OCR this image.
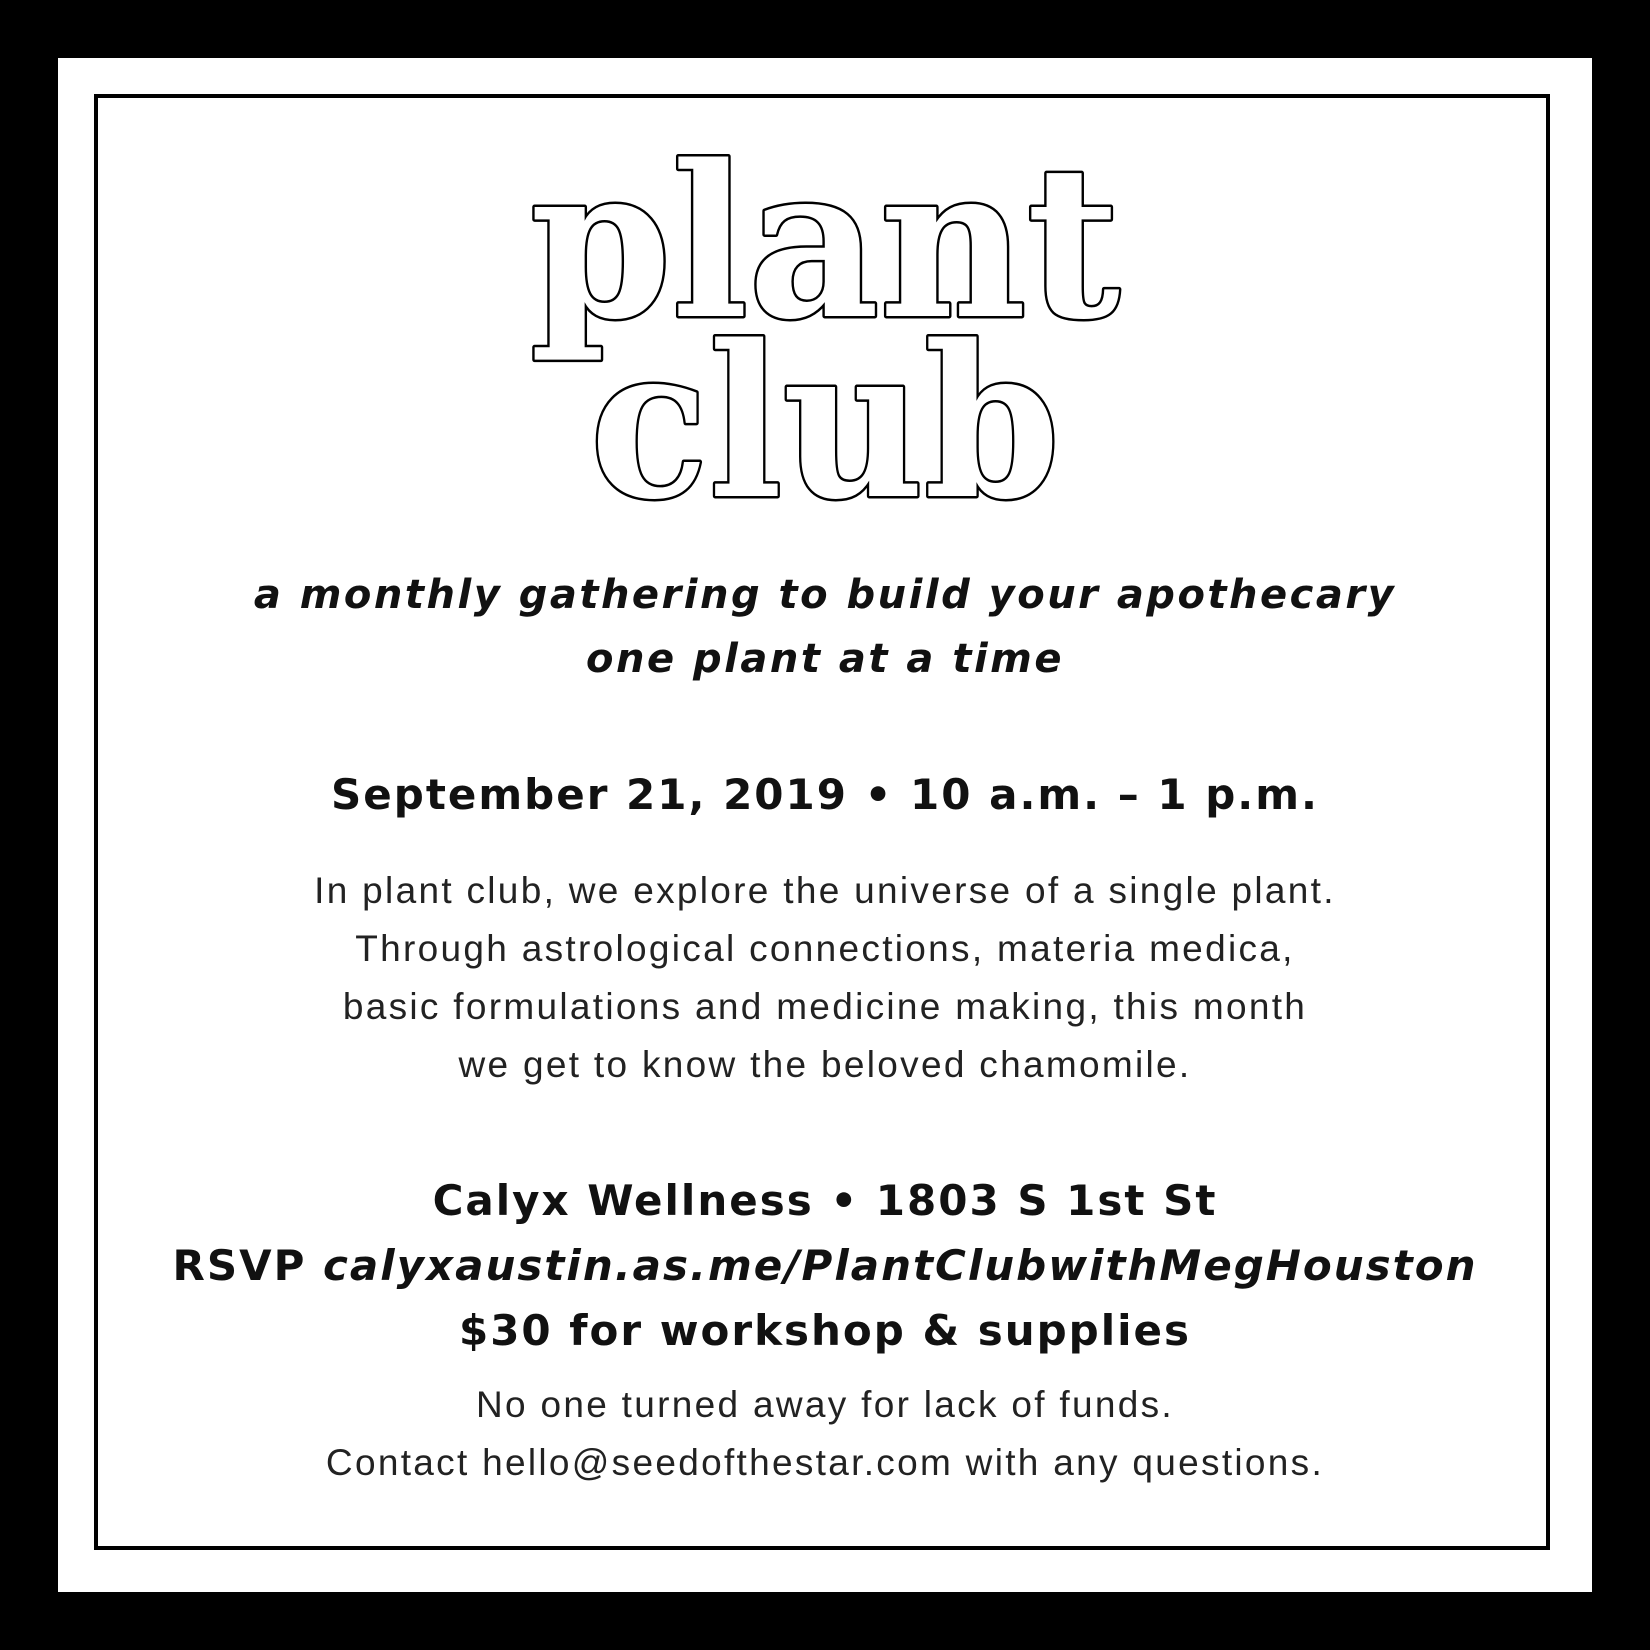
plant
club
a monthly gathering to build your apothecary
one plant at a time
September 21, 2019 • 10 a.m. – 1 p.m.
In plant club, we explore the universe of a single plant.
Through astrological connections, materia medica,
basic formulations and medicine making, this month
we get to know the beloved chamomile.
Calyx Wellness • 1803 S 1st St
RSVP calyxaustin.as.me/PlantClubwithMegHouston
$30 for workshop & supplies
No one turned away for lack of funds.
Contact hello@seedofthestar.com with any questions.
